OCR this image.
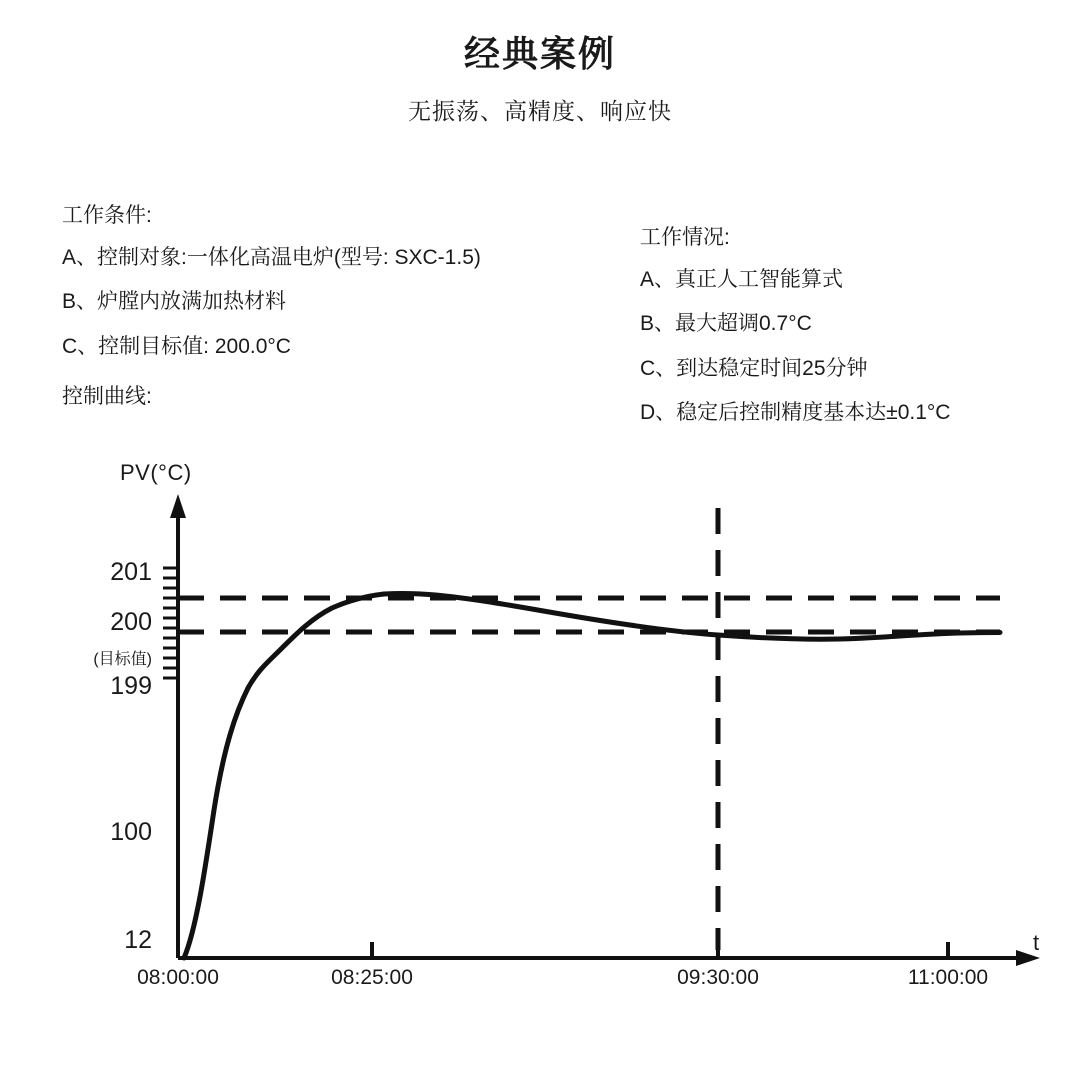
经典案例
无振荡、高精度、响应快
工作条件:
A、控制对象:一体化高温电炉(型号: SXC-1.5)
B、炉膛内放满加热材料
C、控制目标值: 200.0°C
工作情况:
A、真正人工智能算式
B、最大超调0.7°C
C、到达稳定时间25分钟
D、稳定后控制精度基本达±0.1°C
控制曲线:
PV(°C)
t
201
200
(目标值)
199
100
12
08:00:00	08:25:00	09:30:00	11:00:00
